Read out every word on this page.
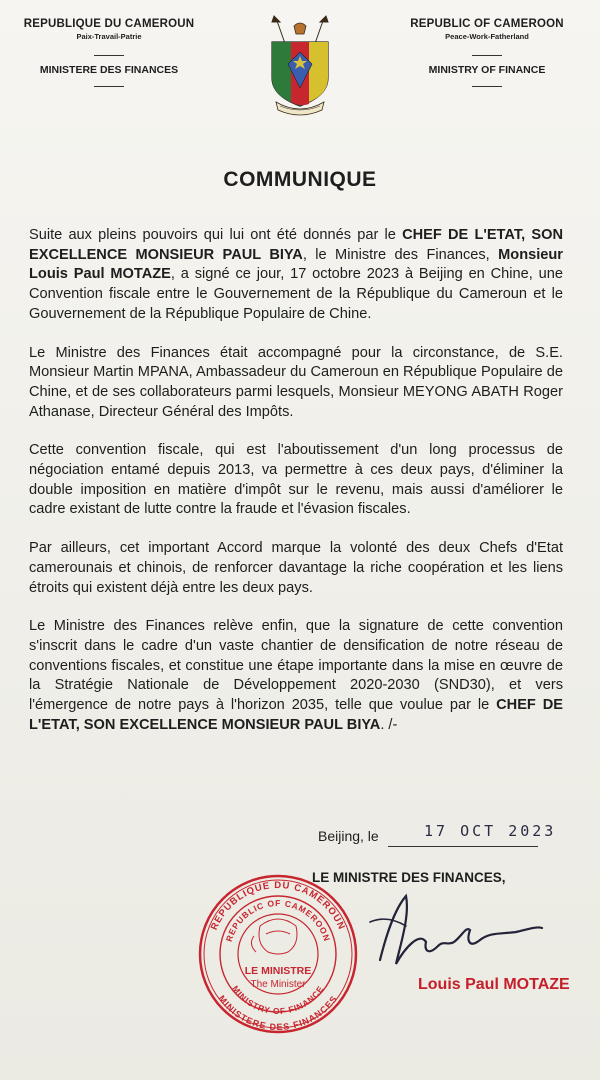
REPUBLIQUE DU CAMEROUN
Paix-Travail-Patrie
MINISTERE DES FINANCES
REPUBLIC OF CAMEROON
Peace-Work-Fatherland
MINISTRY OF FINANCE
COMMUNIQUE

Suite aux pleins pouvoirs qui lui ont été donnés par le CHEF DE L'ETAT, SON EXCELLENCE MONSIEUR PAUL BIYA, le Ministre des Finances, Monsieur Louis Paul MOTAZE, a signé ce jour, 17 octobre 2023 à Beijing en Chine, une Convention fiscale entre le Gouvernement de la République du Cameroun et le Gouvernement de la République Populaire de Chine.

Le Ministre des Finances était accompagné pour la circonstance, de S.E. Monsieur Martin MPANA, Ambassadeur du Cameroun en République Populaire de Chine, et de ses collaborateurs parmi lesquels, Monsieur MEYONG ABATH Roger Athanase, Directeur Général des Impôts.

Cette convention fiscale, qui est l'aboutissement d'un long processus de négociation entamé depuis 2013, va permettre à ces deux pays, d'éliminer la double imposition en matière d'impôt sur le revenu, mais aussi d'améliorer le cadre existant de lutte contre la fraude et l'évasion fiscales.

Par ailleurs, cet important Accord marque la volonté des deux Chefs d'Etat camerounais et chinois, de renforcer davantage la riche coopération et les liens étroits qui existent déjà entre les deux pays.

Le Ministre des Finances relève enfin, que la signature de cette convention s'inscrit dans le cadre d'un vaste chantier de densification de notre réseau de conventions fiscales, et constitue une étape importante dans la mise en œuvre de la Stratégie Nationale de Développement 2020-2030 (SND30), et vers l'émergence de notre pays à l'horizon 2035, telle que voulue par le CHEF DE L'ETAT, SON EXCELLENCE MONSIEUR PAUL BIYA. /-

Beijing, le	17 OCT 2023
LE MINISTRE DES FINANCES,
REPUBLIQUE DU CAMEROUN
REPUBLIC OF CAMEROON
MINISTERE DES FINANCES
MINISTRY OF FINANCE
LE MINISTRE
The Minister	Louis Paul MOTAZE
